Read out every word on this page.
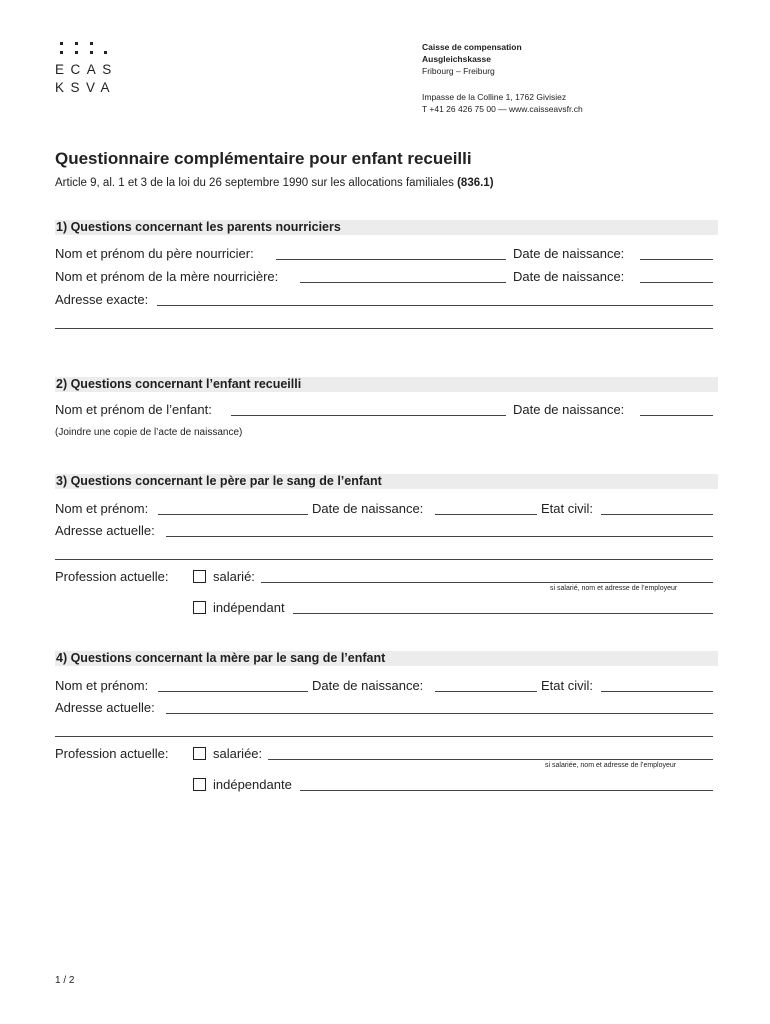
ECAS
KSVA
Caisse de compensation
Ausgleichskasse
Fribourg – Freiburg
Impasse de la Colline 1, 1762 Givisiez
T +41 26 426 75 00 — www.caisseavsfr.ch
Questionnaire complémentaire pour enfant recueilli
Article 9, al. 1 et 3 de la loi du 26 septembre 1990 sur les allocations familiales (836.1)
1) Questions concernant les parents nourriciers
Nom et prénom du père nourricier:	Date de naissance:
Nom et prénom de la mère nourricière:	Date de naissance:
Adresse exacte:
2) Questions concernant l’enfant recueilli
Nom et prénom de l’enfant:	Date de naissance:
(Joindre une copie de l’acte de naissance)
3) Questions concernant le père par le sang de l’enfant
Nom et prénom:	Date de naissance:	Etat civil:
Adresse actuelle:
Profession actuelle:	salarié:
si salarié, nom et adresse de l’employeur
indépendant
4) Questions concernant la mère par le sang de l’enfant
Nom et prénom:	Date de naissance:	Etat civil:
Adresse actuelle:
Profession actuelle:	salariée:
si salariée, nom et adresse de l’employeur
indépendante
1 / 2
